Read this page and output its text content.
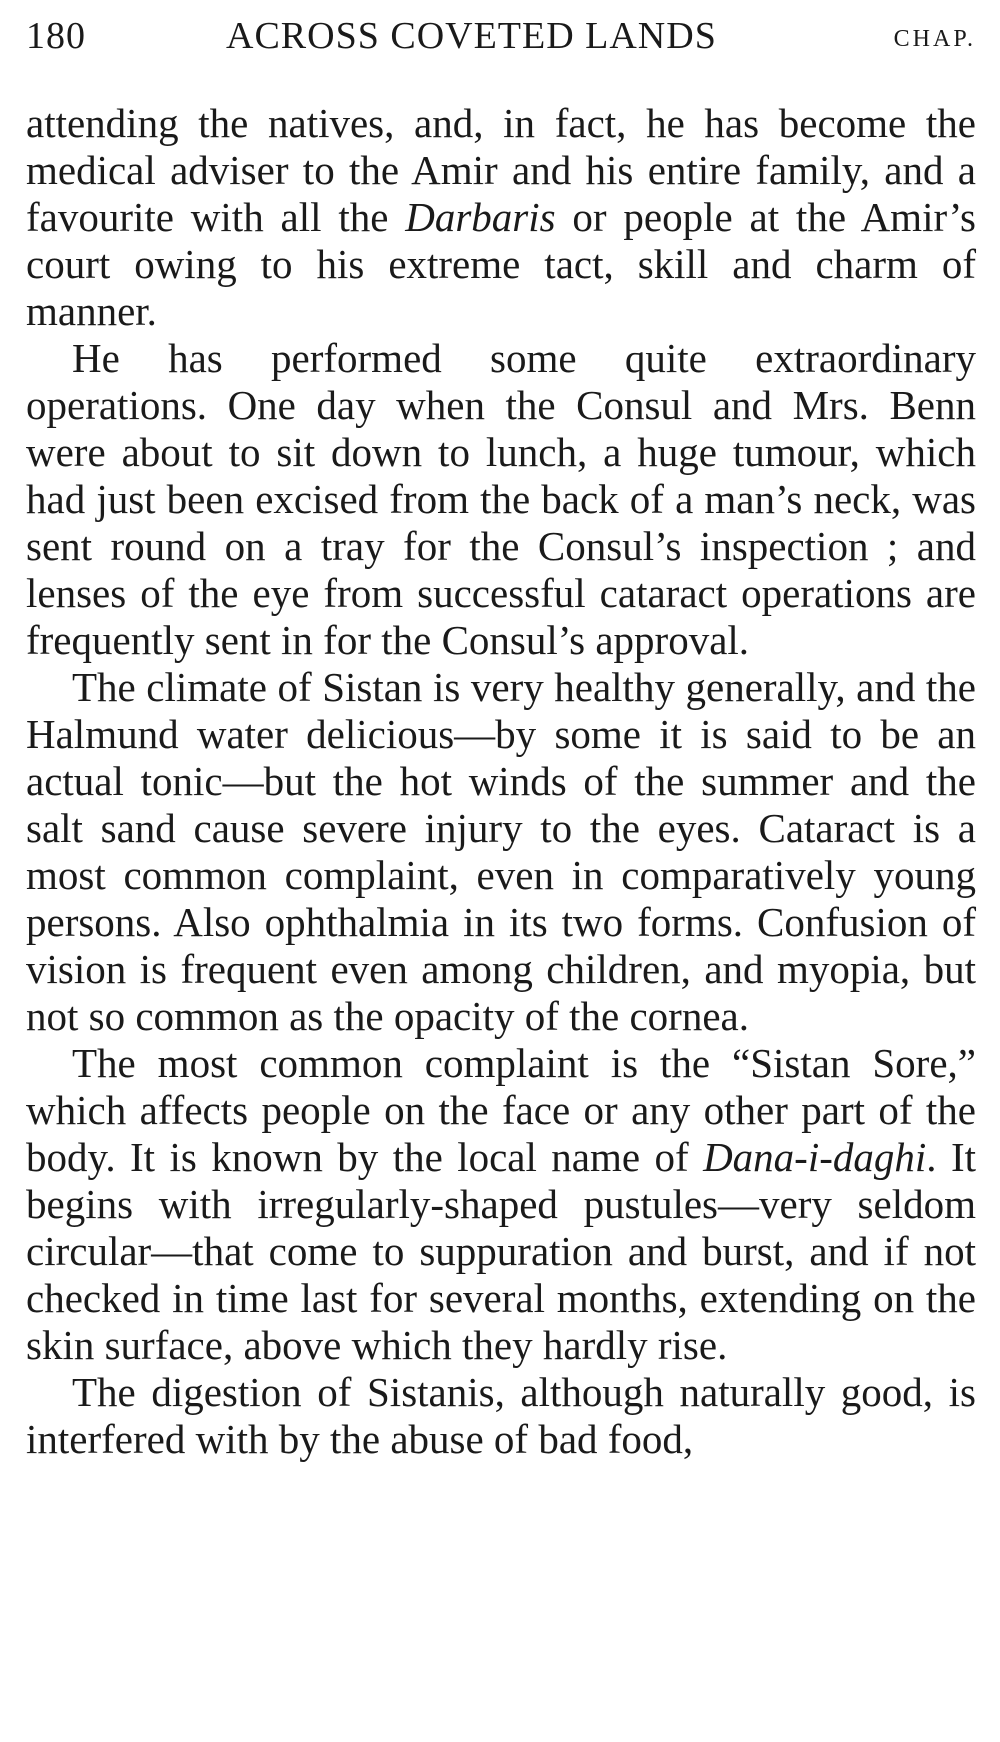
180	ACROSS COVETED LANDS	CHAP.

attending the natives, and, in fact, he has become the medical adviser to the Amir and his entire family, and a favourite with all the Darbaris or people at the Amir’s court owing to his extreme tact, skill and charm of manner.

He has performed some quite extraordinary operations. One day when the Consul and Mrs. Benn were about to sit down to lunch, a huge tumour, which had just been excised from the back of a man’s neck, was sent round on a tray for the Consul’s inspection ; and lenses of the eye from successful cataract operations are frequently sent in for the Consul’s approval.

The climate of Sistan is very healthy generally, and the Halmund water delicious—by some it is said to be an actual tonic—but the hot winds of the summer and the salt sand cause severe injury to the eyes. Cataract is a most common complaint, even in comparatively young persons. Also ophthalmia in its two forms. Confusion of vision is frequent even among children, and myopia, but not so common as the opacity of the cornea.

The most common complaint is the “Sistan Sore,” which affects people on the face or any other part of the body. It is known by the local name of Dana-i-daghi. It begins with irregularly-shaped pustules—very seldom circular—that come to suppuration and burst, and if not checked in time last for several months, extending on the skin surface, above which they hardly rise.

The digestion of Sistanis, although naturally good, is interfered with by the abuse of bad food,
